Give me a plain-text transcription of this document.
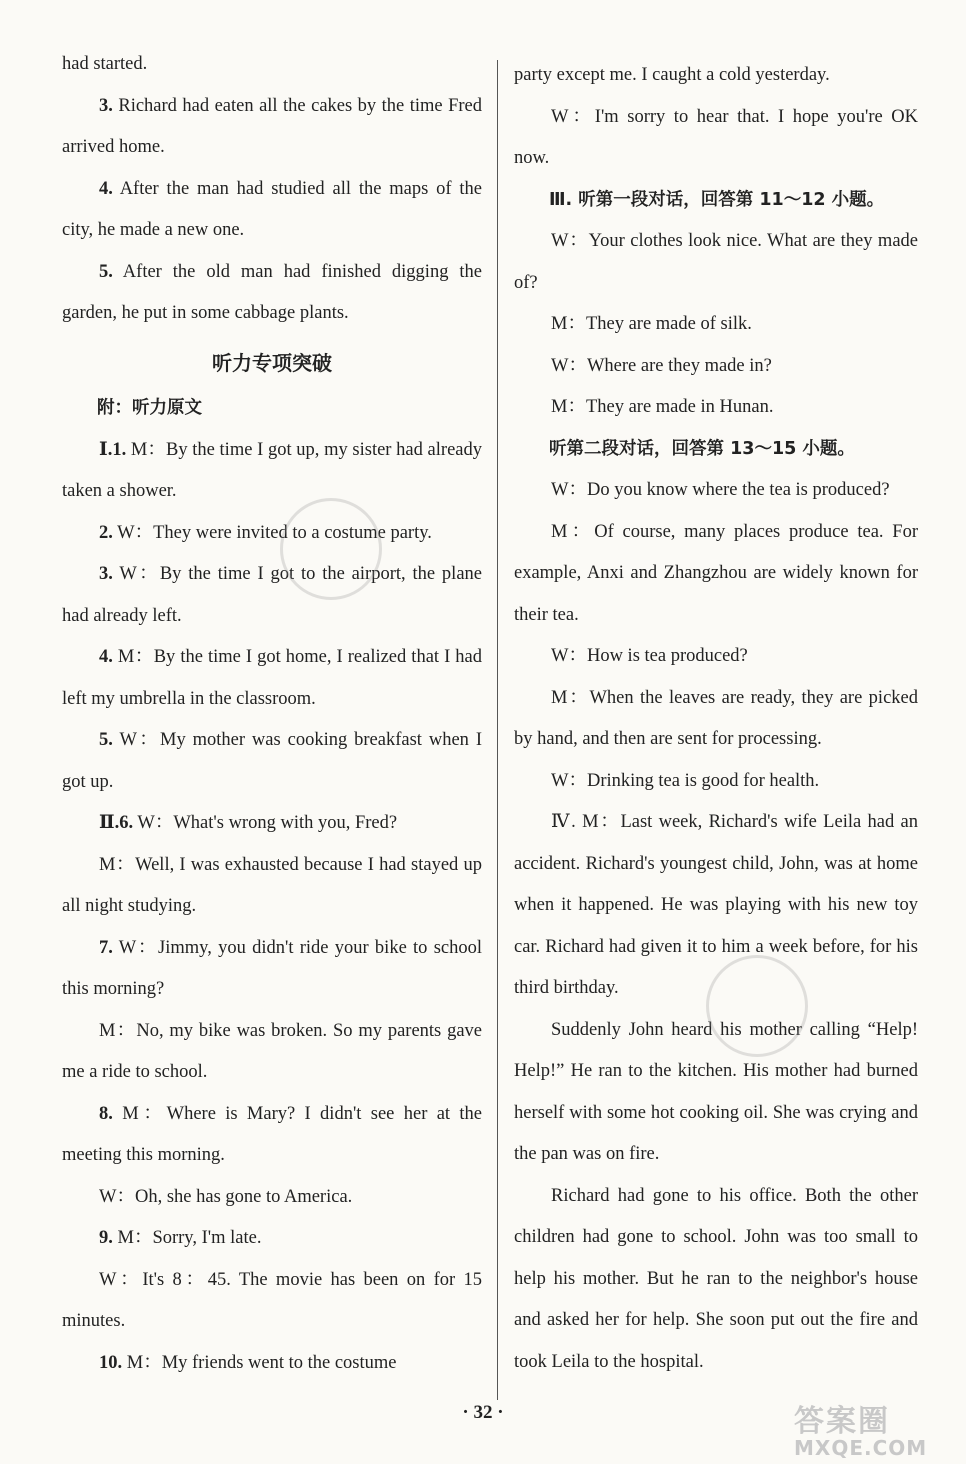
had started.

3. Richard had eaten all the cakes by the time Fred arrived home.

4. After the man had studied all the maps of the city, he made a new one.

5. After the old man had finished digging the garden, he put in some cabbage plants.

听力专项突破

附：听力原文

Ⅰ.1. M：By the time I got up, my sister had already taken a shower.

2. W：They were invited to a costume party.

3. W：By the time I got to the airport, the plane had already left.

4. M：By the time I got home, I realized that I had left my umbrella in the classroom.

5. W：My mother was cooking breakfast when I got up.

Ⅱ.6. W：What's wrong with you, Fred?

M：Well, I was exhausted because I had stayed up all night studying.

7. W：Jimmy, you didn't ride your bike to school this morning?

M：No, my bike was broken. So my parents gave me a ride to school.

8. M：Where is Mary? I didn't see her at the meeting this morning.

W：Oh, she has gone to America.

9. M：Sorry, I'm late.

W：It's 8：45. The movie has been on for 15 minutes.

10. M：My friends went to the costume

party except me. I caught a cold yesterday.

W：I'm sorry to hear that. I hope you're OK now.

Ⅲ. 听第一段对话，回答第 11～12 小题。

W：Your clothes look nice. What are they made of?

M：They are made of silk.

W：Where are they made in?

M：They are made in Hunan.

听第二段对话，回答第 13～15 小题。

W：Do you know where the tea is produced?

M：Of course, many places produce tea. For example, Anxi and Zhangzhou are widely known for their tea.

W：How is tea produced?

M：When the leaves are ready, they are picked by hand, and then are sent for processing.

W：Drinking tea is good for health.

Ⅳ. M：Last week, Richard's wife Leila had an accident. Richard's youngest child, John, was at home when it happened. He was playing with his new toy car. Richard had given it to him a week before, for his third birthday.

Suddenly John heard his mother calling “Help! Help!” He ran to the kitchen. His mother had burned herself with some hot cooking oil. She was crying and the pan was on fire.

Richard had gone to his office. Both the other children had gone to school. John was too small to help his mother. But he ran to the neighbor's house and asked her for help. She soon put out the fire and took Leila to the hospital.

· 32 ·	答案圈
MXQE.COM
